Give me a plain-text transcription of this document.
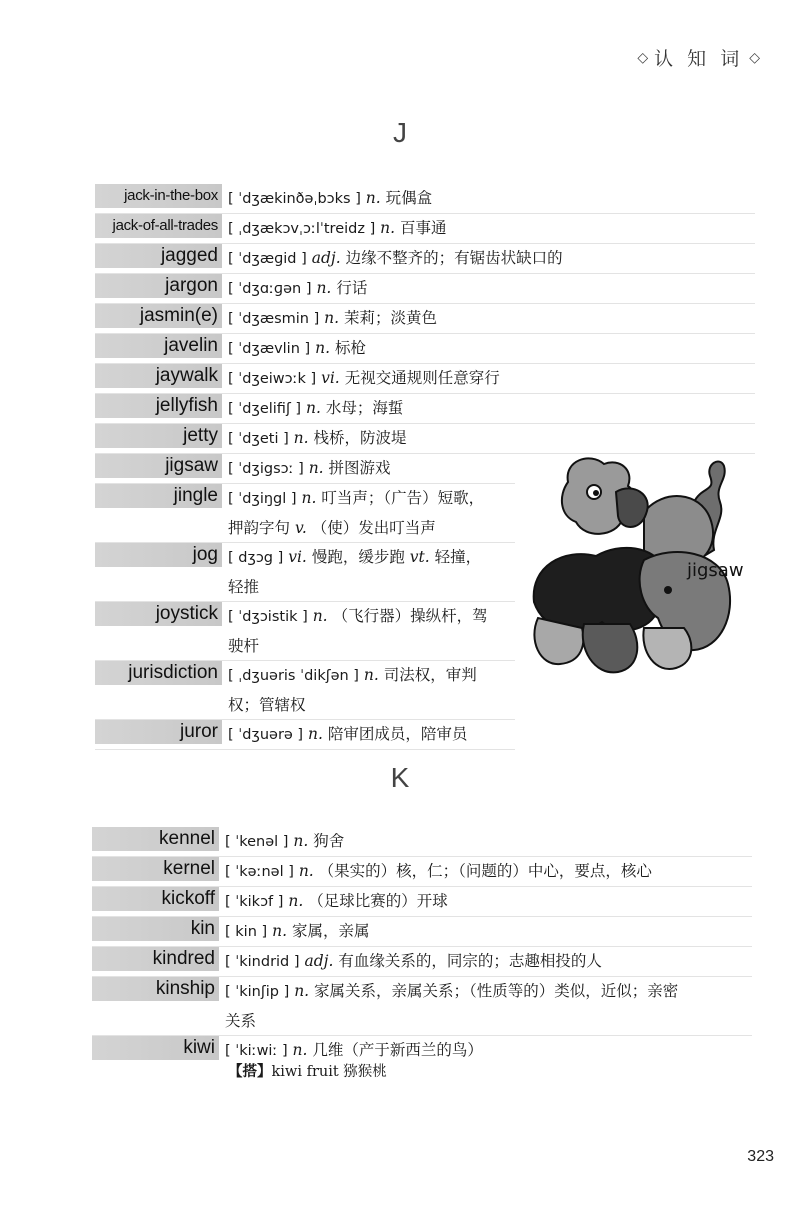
◇ 认 知 词 ◇
J
jack-in-the-box [ ˈdʒækinðəˌbɔks ] n. 玩偶盒
jack-of-all-trades [ ˌdʒækɔvˌɔːlˈtreidz ] n. 百事通
jagged [ ˈdʒæɡid ] adj. 边缘不整齐的；有锯齿状缺口的
jargon [ ˈdʒɑːɡən ] n. 行话
jasmin(e) [ ˈdʒæsmin ] n. 茉莉；淡黄色
javelin [ ˈdʒævlin ] n. 标枪
jaywalk [ ˈdʒeiwɔːk ] vi. 无视交通规则任意穿行
jellyfish [ ˈdʒelifiʃ ] n. 水母；海蜇
jetty [ ˈdʒeti ] n. 栈桥，防波堤
jigsaw [ ˈdʒigsɔː ] n. 拼图游戏
jingle [ ˈdʒiŋgl ] n. 叮当声；（广告）短歌，
押韵字句 v. （使）发出叮当声
jog [ dʒɔg ] vi. 慢跑，缓步跑 vt. 轻撞，
轻推
joystick [ ˈdʒɔistik ] n. （飞行器）操纵杆，驾
驶杆
jurisdiction [ ˌdʒuəris ˈdikʃən ] n. 司法权，审判
权；管辖权
juror [ ˈdʒuərə ] n. 陪审团成员，陪审员
jigsaw
K
kennel [ ˈkenəl ] n. 狗舍
kernel [ ˈkəːnəl ] n. （果实的）核，仁；（问题的）中心，要点，核心
kickoff [ ˈkikɔf ] n. （足球比赛的）开球
kin [ kin ] n. 家属，亲属
kindred [ ˈkindrid ] adj. 有血缘关系的，同宗的；志趣相投的人
kinship [ ˈkinʃip ] n. 家属关系，亲属关系；（性质等的）类似，近似；亲密
关系
kiwi [ ˈkiːwiː ] n. 几维（产于新西兰的鸟）
【搭】kiwi fruit 猕猴桃
323
